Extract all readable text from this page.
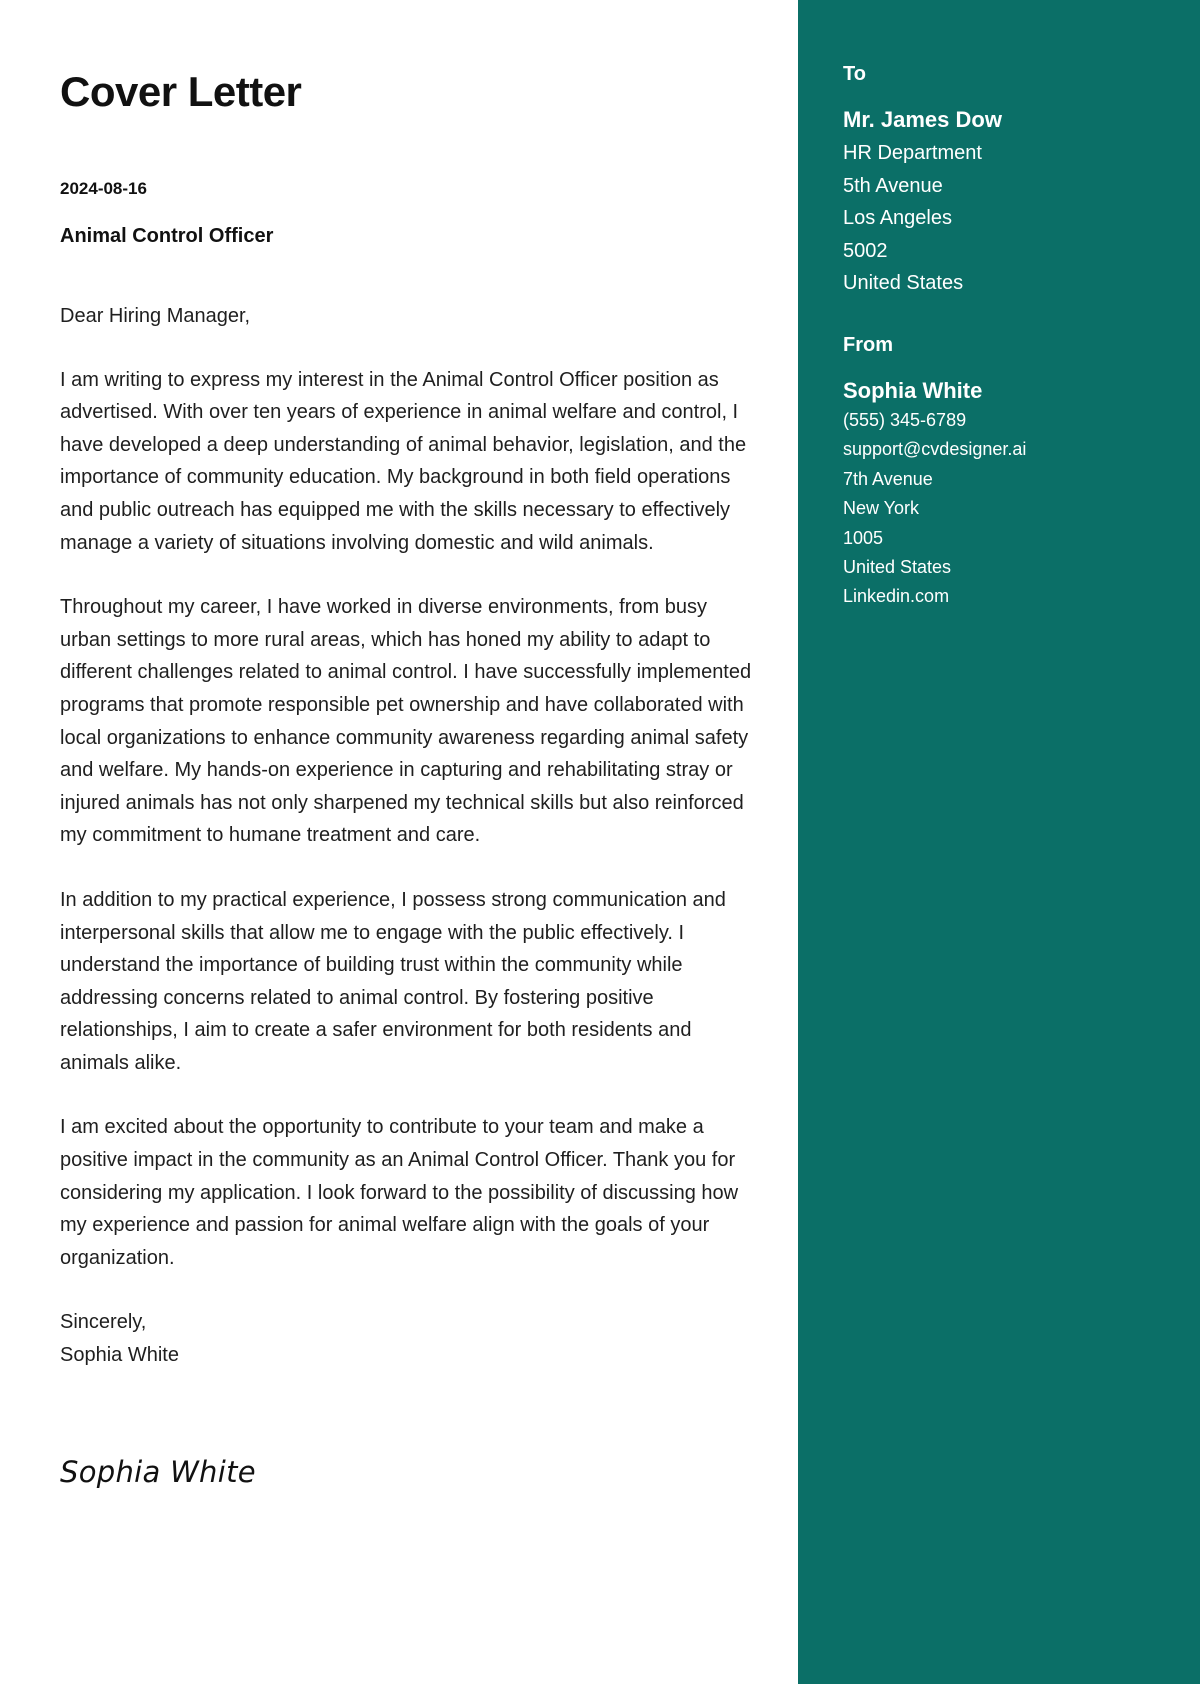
Cover Letter
2024-08-16
Animal Control Officer

Dear Hiring Manager,

I am writing to express my interest in the Animal Control Officer position as advertised. With over ten years of experience in animal welfare and control, I have developed a deep understanding of animal behavior, legislation, and the importance of community education. My background in both field operations and public outreach has equipped me with the skills necessary to effectively manage a variety of situations involving domestic and wild animals.

Throughout my career, I have worked in diverse environments, from busy urban settings to more rural areas, which has honed my ability to adapt to different challenges related to animal control. I have successfully implemented programs that promote responsible pet ownership and have collaborated with local organizations to enhance community awareness regarding animal safety and welfare. My hands-on experience in capturing and rehabilitating stray or injured animals has not only sharpened my technical skills but also reinforced my commitment to humane treatment and care.

In addition to my practical experience, I possess strong communication and interpersonal skills that allow me to engage with the public effectively. I understand the importance of building trust within the community while addressing concerns related to animal control. By fostering positive relationships, I aim to create a safer environment for both residents and animals alike.

I am excited about the opportunity to contribute to your team and make a positive impact in the community as an Animal Control Officer. Thank you for considering my application. I look forward to the possibility of discussing how my experience and passion for animal welfare align with the goals of your organization.

Sincerely,
Sophia White
Sophia White
To
Mr. James Dow
HR Department
5th Avenue
Los Angeles
5002
United States
From
Sophia White
(555) 345-6789
support@cvdesigner.ai
7th Avenue
New York
1005
United States
Linkedin.com
